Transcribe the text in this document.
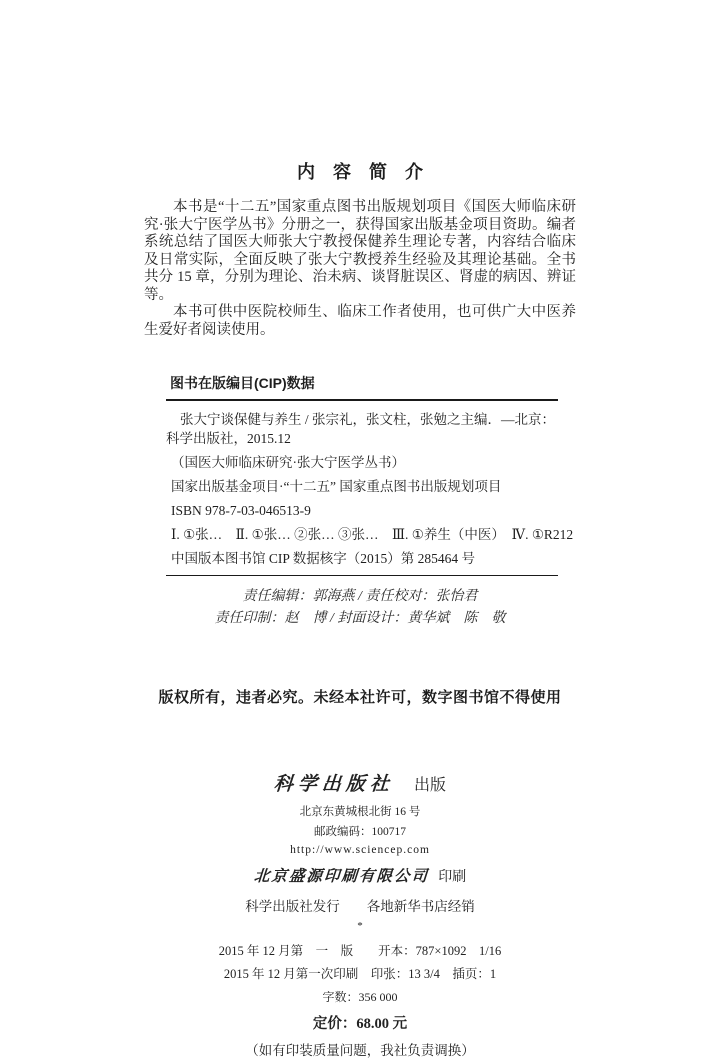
内　容　简　介

本书是“十二五”国家重点图书出版规划项目《国医大师临床研究·张大宁医学丛书》分册之一，获得国家出版基金项目资助。编者系统总结了国医大师张大宁教授保健养生理论专著，内容结合临床及日常实际，全面反映了张大宁教授养生经验及其理论基础。全书共分 15 章，分别为理论、治未病、谈肾脏误区、肾虚的病因、辨证等。

本书可供中医院校师生、临床工作者使用，也可供广大中医养生爱好者阅读使用。

图书在版编目(CIP)数据

张大宁谈保健与养生 / 张宗礼，张文柱，张勉之主编．—北京：

科学出版社，2015.12

（国医大师临床研究·张大宁医学丛书）

国家出版基金项目·“十二五” 国家重点图书出版规划项目

ISBN 978-7-03-046513-9

Ⅰ. ①张…　Ⅱ. ①张… ②张… ③张…　Ⅲ. ①养生（中医）　Ⅳ. ①R212

中国版本图书馆 CIP 数据核字（2015）第 285464 号

责任编辑：郭海燕 / 责任校对：张怡君
责任印制：赵　博 / 封面设计：黄华斌　陈　敬
版权所有，违者必究。未经本社许可，数字图书馆不得使用
科学出版社 出版
北京东黄城根北街 16 号
邮政编码：100717
http://www.sciencep.com
北京盛源印刷有限公司 印刷
科学出版社发行　　各地新华书店经销
*
2015 年 12 月第　一　版　　开本：787×1092　1/16
2015 年 12 月第一次印刷　印张：13 3/4　插页：1
字数：356 000
定价：68.00 元
（如有印装质量问题，我社负责调换）
